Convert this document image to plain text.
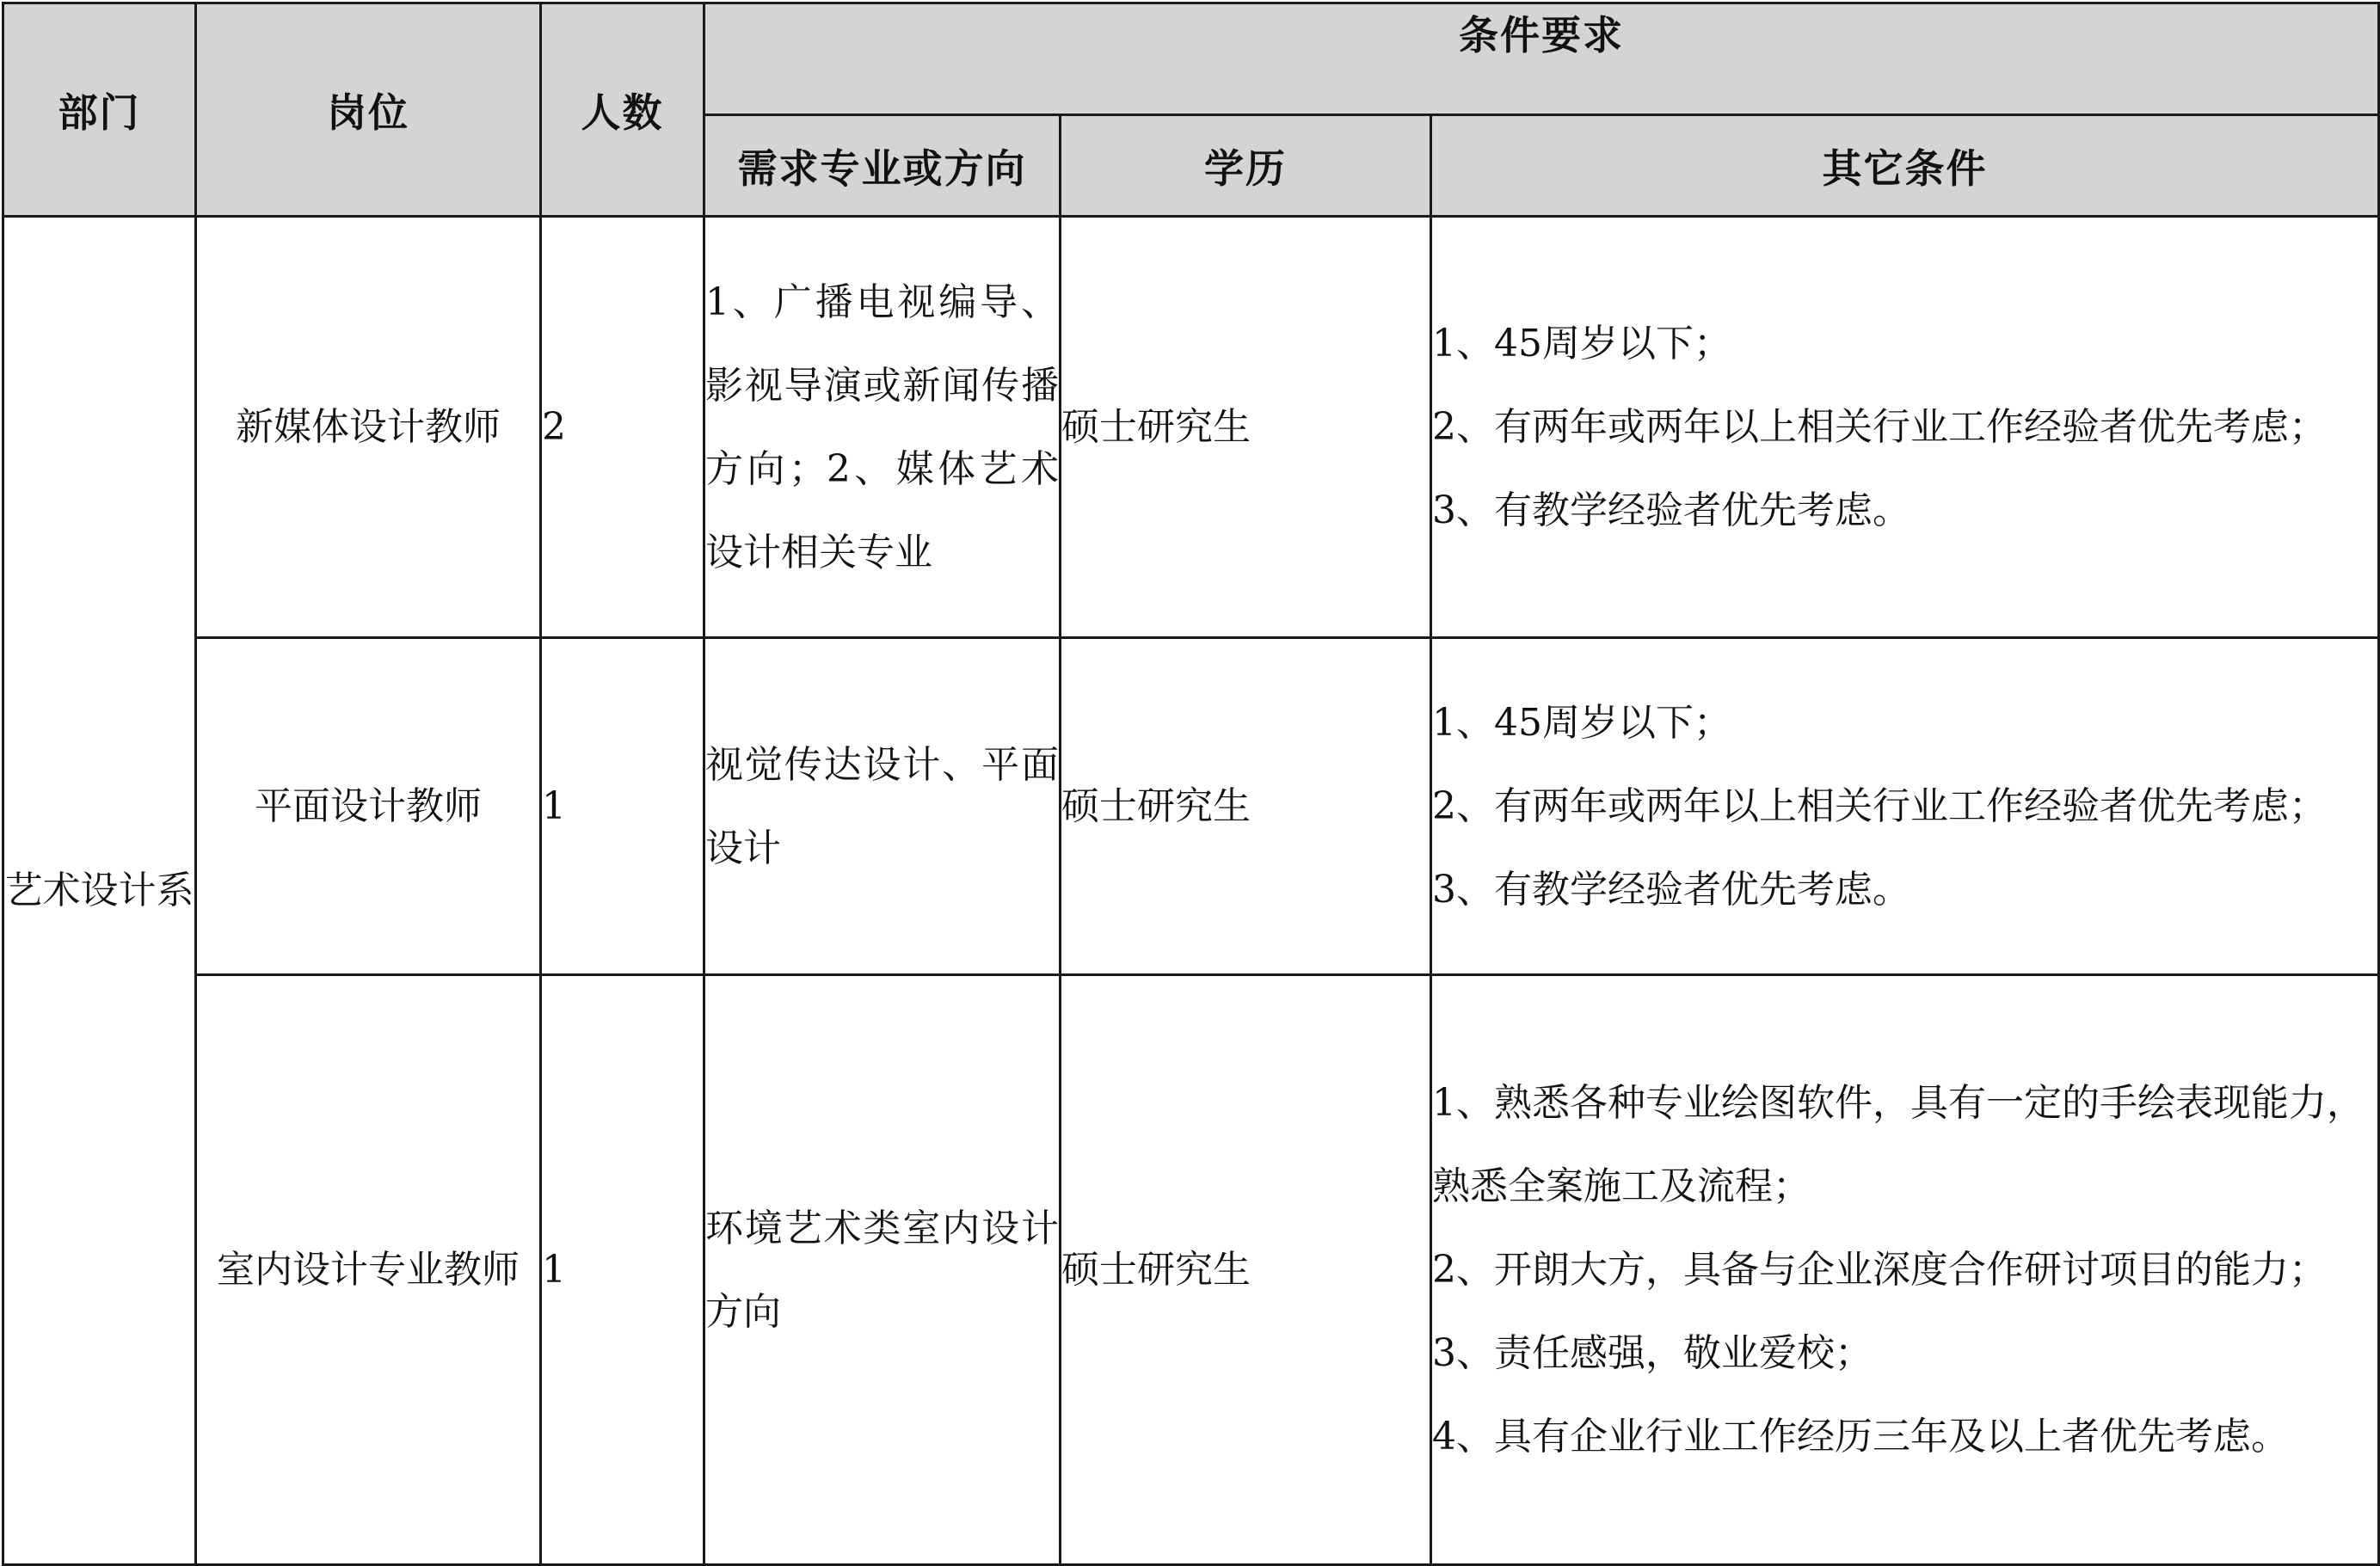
部门	岗位	人数	条件要求		
			需求专业或方向	学历	其它条件
艺术设计系	新媒体设计教师	2	1、广播电视编导、影视导演或新闻传播方向；2、媒体艺术设计相关专业	硕士研究生	1、45周岁以下；
2、有两年或两年以上相关行业工作经验者优先考虑；
3、有教学经验者优先考虑。

	平面设计教师	1	视觉传达设计、平面设计	硕士研究生	1、45周岁以下；
2、有两年或两年以上相关行业工作经验者优先考虑；
3、有教学经验者优先考虑。

	室内设计专业教师	1	环境艺术类室内设计方向	硕士研究生	1、熟悉各种专业绘图软件，具有一定的手绘表现能力，熟悉全案施工及流程；
2、开朗大方，具备与企业深度合作研讨项目的能力；
3、责任感强，敬业爱校；
4、具有企业行业工作经历三年及以上者优先考虑。
